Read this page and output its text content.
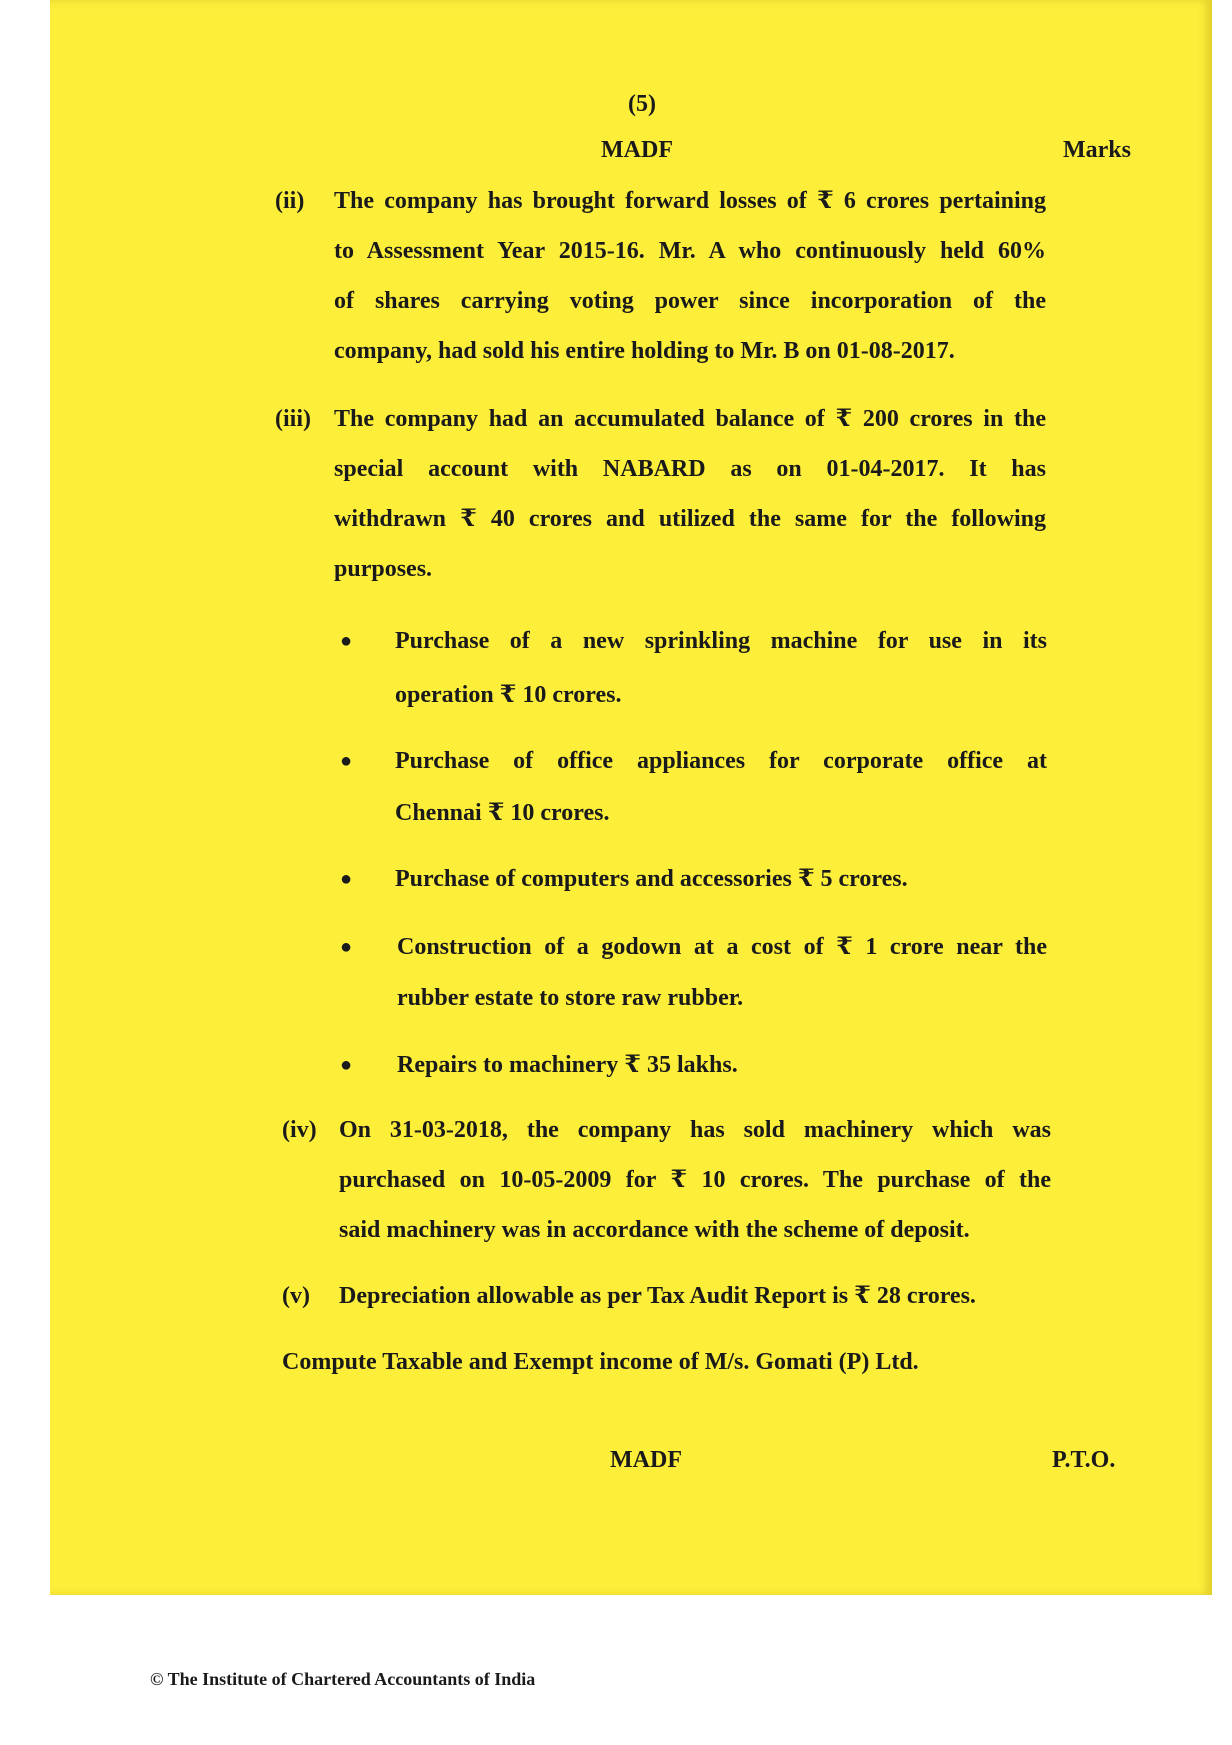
(5)
MADF	Marks
(ii) The company has brought forward losses of ₹ 6 crores pertaining
to Assessment Year 2015-16. Mr. A who continuously held 60%
of shares carrying voting power since incorporation of the
company, had sold his entire holding to Mr. B on 01-08-2017.
(iii) The company had an accumulated balance of ₹ 200 crores in the
special account with NABARD as on 01-04-2017. It has
withdrawn ₹ 40 crores and utilized the same for the following
purposes.
● Purchase of a new sprinkling machine for use in its
operation ₹ 10 crores.
● Purchase of office appliances for corporate office at
Chennai ₹ 10 crores.
● Purchase of computers and accessories ₹ 5 crores.
● Construction of a godown at a cost of ₹ 1 crore near the
rubber estate to store raw rubber.
● Repairs to machinery ₹ 35 lakhs.
(iv) On 31-03-2018, the company has sold machinery which was
purchased on 10-05-2009 for ₹ 10 crores. The purchase of the
said machinery was in accordance with the scheme of deposit.
(v) Depreciation allowable as per Tax Audit Report is ₹ 28 crores.
Compute Taxable and Exempt income of M/s. Gomati (P) Ltd.
MADF	P.T.O.
© The Institute of Chartered Accountants of India
